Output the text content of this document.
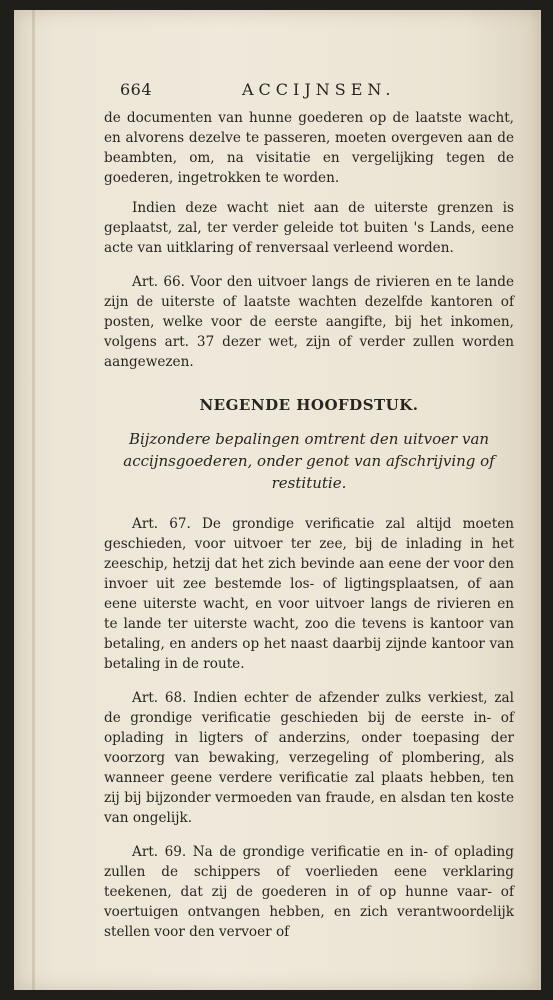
664	ACCIJNSEN.

de documenten van hunne goederen op de laatste wacht, en alvorens dezelve te passeren, moeten overgeven aan de beambten, om, na visitatie en vergelijking tegen de goederen, ingetrokken te worden.

Indien deze wacht niet aan de uiterste grenzen is geplaatst, zal, ter verder geleide tot buiten 's Lands, eene acte van uitklaring of renversaal verleend worden.

Art. 66. Voor den uitvoer langs de rivieren en te lande zijn de uiterste of laatste wachten dezelfde kantoren of posten, welke voor de eerste aangifte, bij het inkomen, volgens art. 37 dezer wet, zijn of verder zullen worden aangewezen.

NEGENDE HOOFDSTUK.

Bijzondere bepalingen omtrent den uitvoer van accijnsgoederen, onder genot van afschrijving of restitutie.

Art. 67. De grondige verificatie zal altijd moeten geschieden, voor uitvoer ter zee, bij de inlading in het zeeschip, hetzij dat het zich bevinde aan eene der voor den invoer uit zee bestemde los- of ligtingsplaatsen, of aan eene uiterste wacht, en voor uitvoer langs de rivieren en te lande ter uiterste wacht, zoo die tevens is kantoor van betaling, en anders op het naast daarbij zijnde kantoor van betaling in de route.

Art. 68. Indien echter de afzender zulks verkiest, zal de grondige verificatie geschieden bij de eerste in- of oplading in ligters of anderzins, onder toepasing der voorzorg van bewaking, verzegeling of plombering, als wanneer geene verdere verificatie zal plaats hebben, ten zij bij bijzonder vermoeden van fraude, en alsdan ten koste van ongelijk.

Art. 69. Na de grondige verificatie en in- of oplading zullen de schippers of voerlieden eene verklaring teekenen, dat zij de goederen in of op hunne vaar- of voertuigen ontvangen hebben, en zich verantwoordelijk stellen voor den vervoer of
